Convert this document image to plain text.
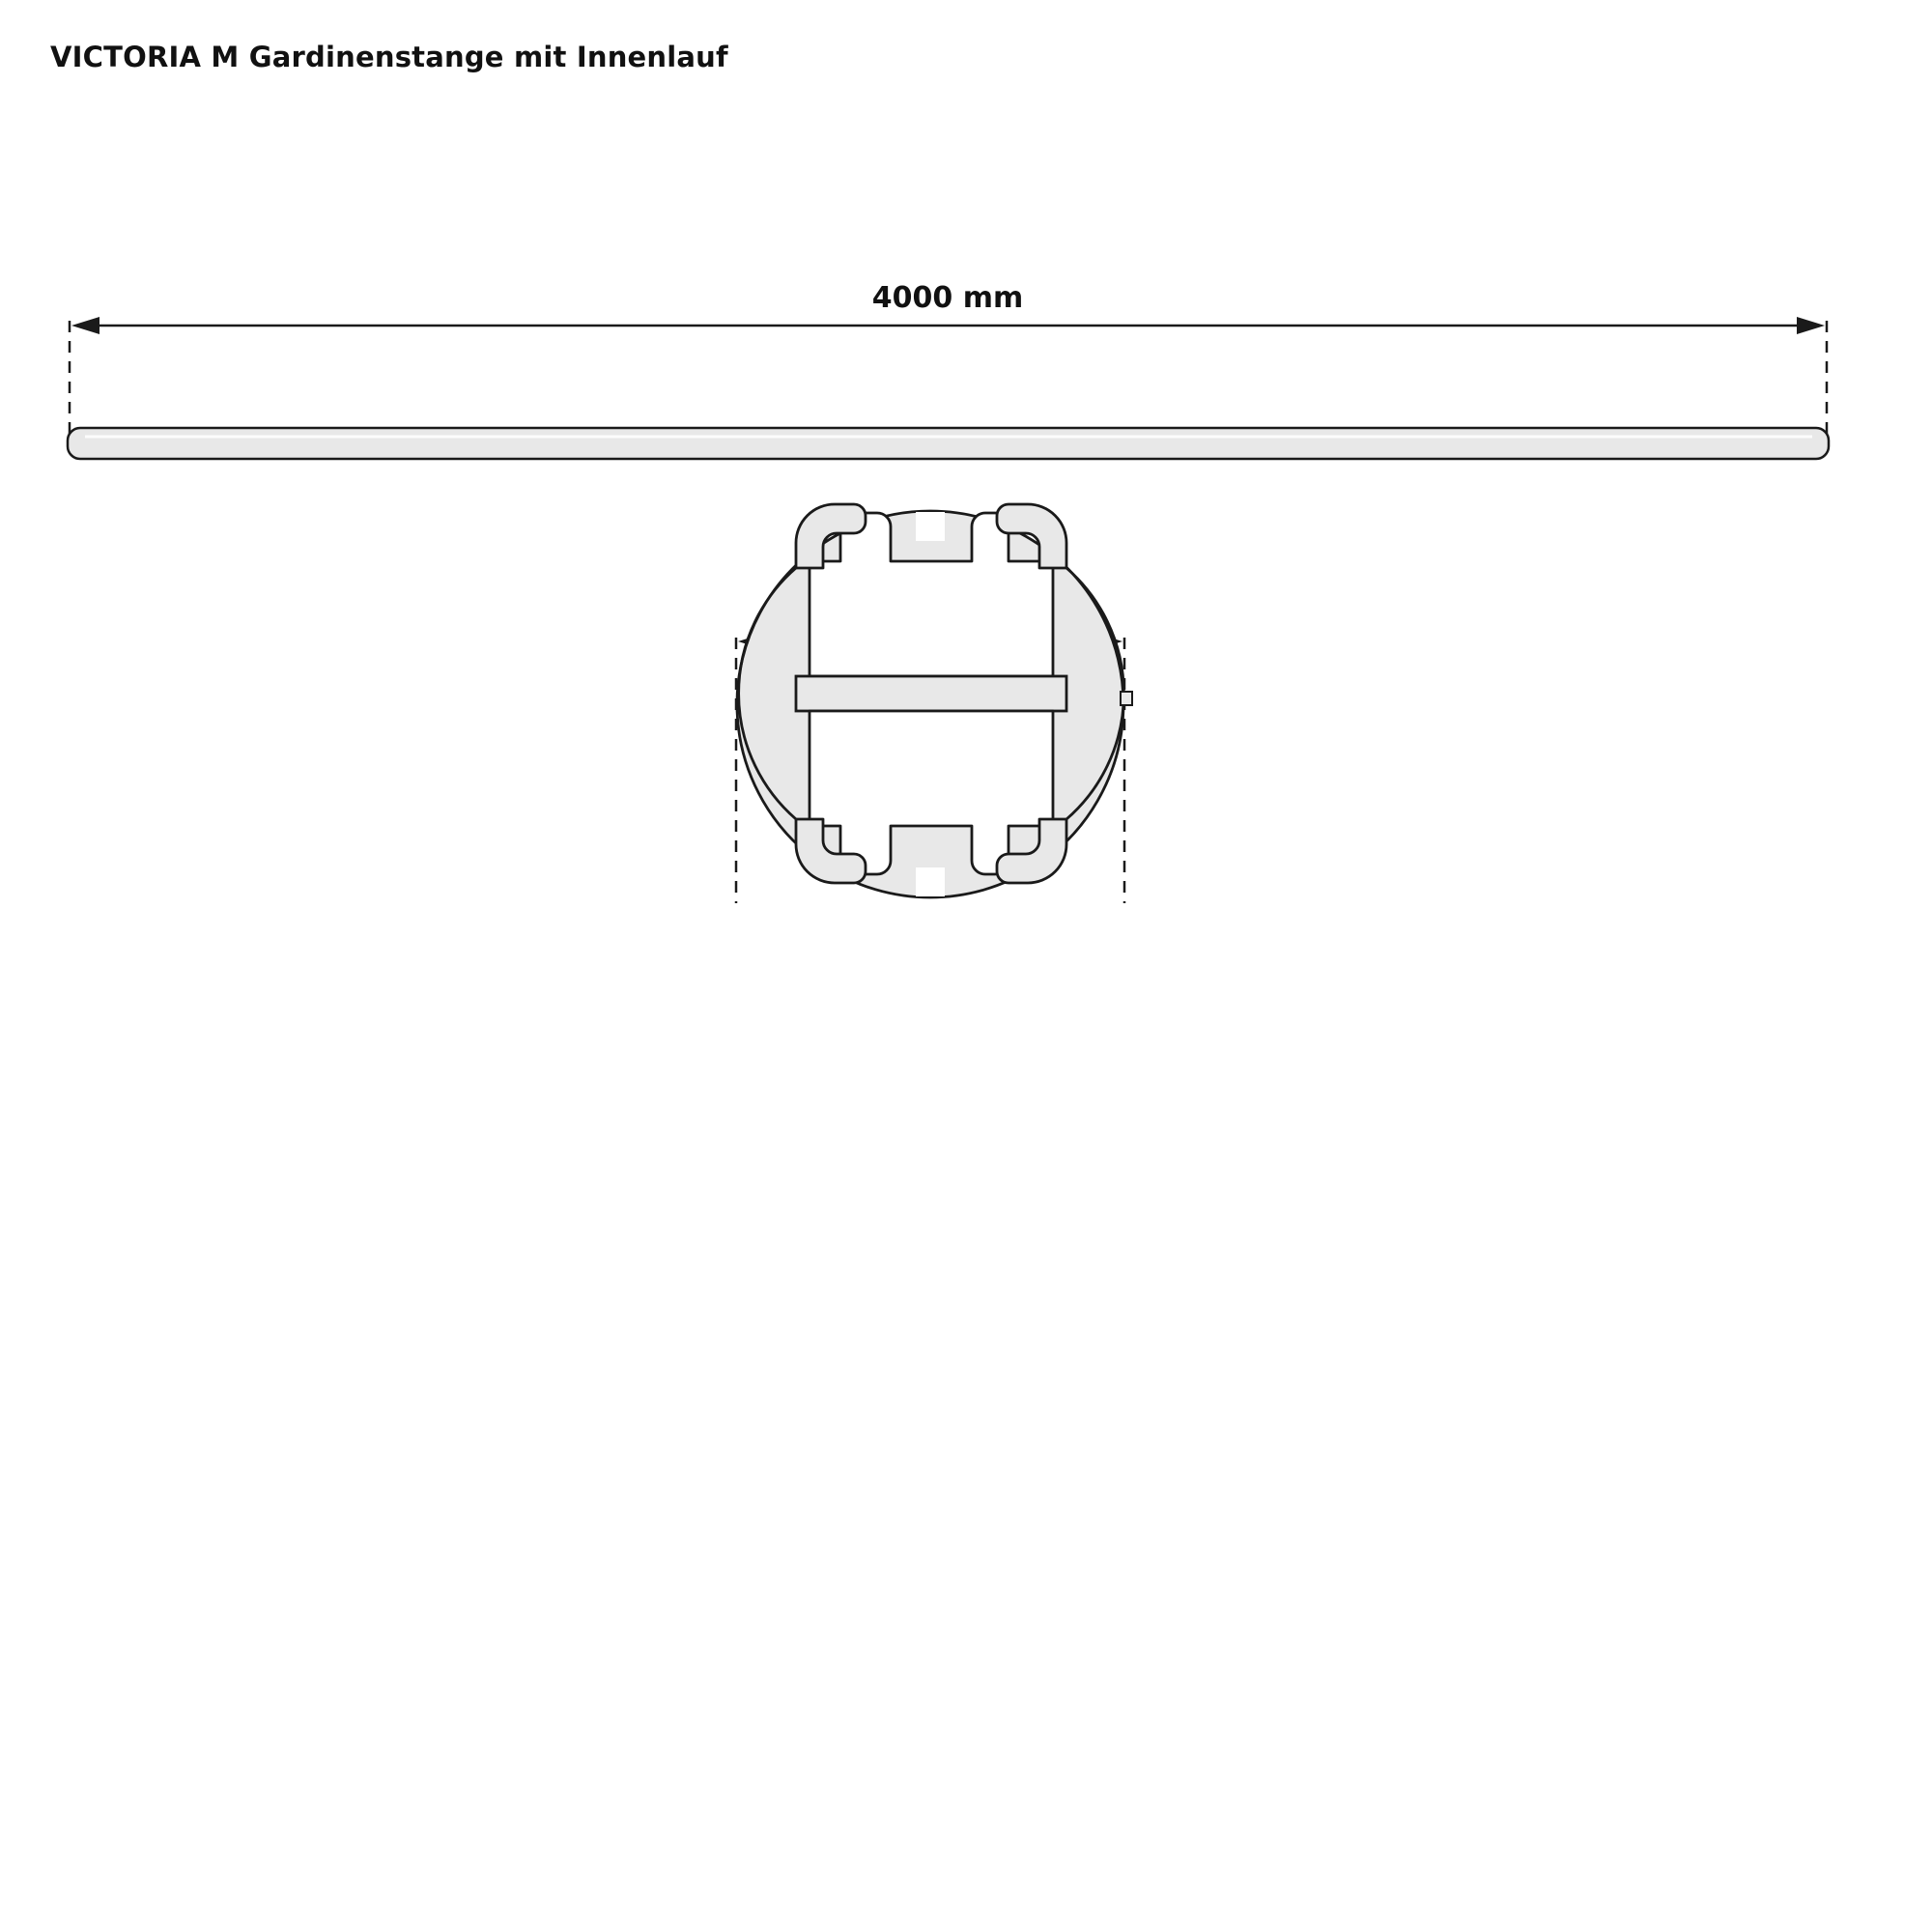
VICTORIA M Gardinenstange mit Innenlauf
4000 mm
